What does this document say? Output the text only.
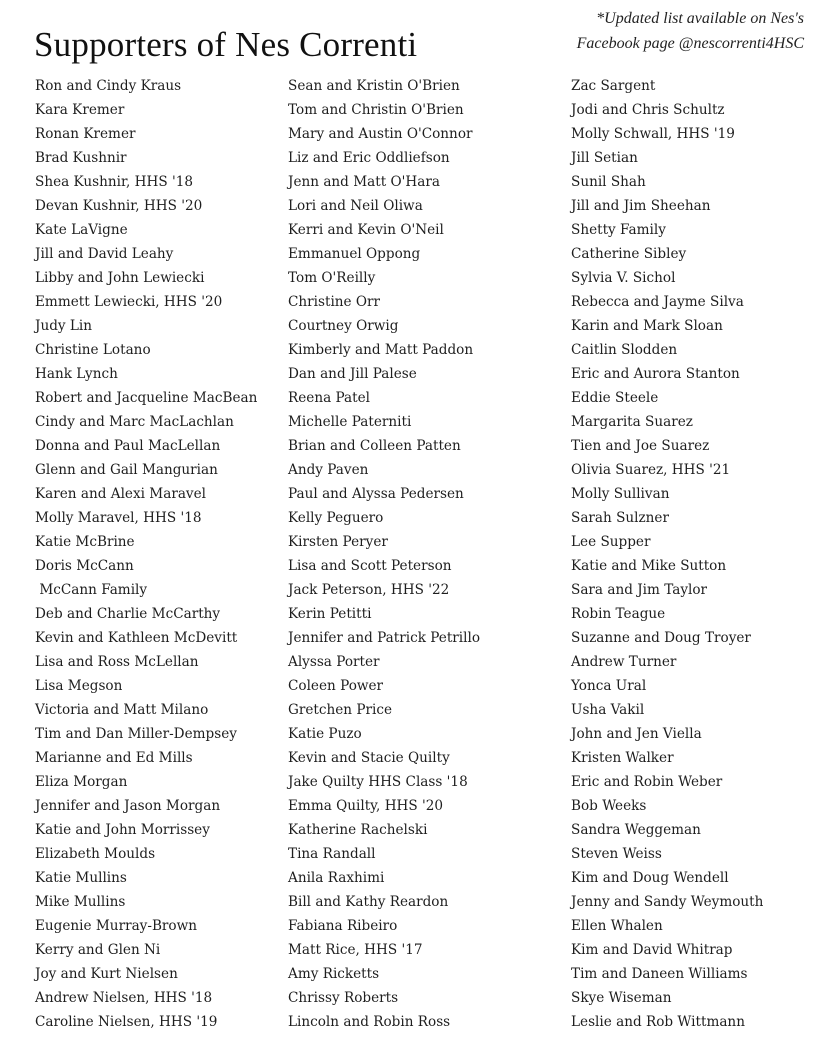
Supporters of Nes Correnti
*Updated list available on Nes's
Facebook page @nescorrenti4HSC
Ron and Cindy Kraus
Kara Kremer
Ronan Kremer
Brad Kushnir
Shea Kushnir, HHS '18
Devan Kushnir, HHS '20
Kate LaVigne
Jill and David Leahy
Libby and John Lewiecki
Emmett Lewiecki, HHS '20
Judy Lin
Christine Lotano
Hank Lynch
Robert and Jacqueline MacBean
Cindy and Marc MacLachlan
Donna and Paul MacLellan
Glenn and Gail Mangurian
Karen and Alexi Maravel
Molly Maravel, HHS '18
Katie McBrine
Doris McCann
McCann Family
Deb and Charlie McCarthy
Kevin and Kathleen McDevitt
Lisa and Ross McLellan
Lisa Megson
Victoria and Matt Milano
Tim and Dan Miller-Dempsey
Marianne and Ed Mills
Eliza Morgan
Jennifer and Jason Morgan
Katie and John Morrissey
Elizabeth Moulds
Katie Mullins
Mike Mullins
Eugenie Murray-Brown
Kerry and Glen Ni
Joy and Kurt Nielsen
Andrew Nielsen, HHS '18
Caroline Nielsen, HHS '19
Sean and Kristin O'Brien
Tom and Christin O'Brien
Mary and Austin O'Connor
Liz and Eric Oddliefson
Jenn and Matt O'Hara
Lori and Neil Oliwa
Kerri and Kevin O'Neil
Emmanuel Oppong
Tom O'Reilly
Christine Orr
Courtney Orwig
Kimberly and Matt Paddon
Dan and Jill Palese
Reena Patel
Michelle Paterniti
Brian and Colleen Patten
Andy Paven
Paul and Alyssa Pedersen
Kelly Peguero
Kirsten Peryer
Lisa and Scott Peterson
Jack Peterson, HHS '22
Kerin Petitti
Jennifer and Patrick Petrillo
Alyssa Porter
Coleen Power
Gretchen Price
Katie Puzo
Kevin and Stacie Quilty
Jake Quilty HHS Class '18
Emma Quilty, HHS '20
Katherine Rachelski
Tina Randall
Anila Raxhimi
Bill and Kathy Reardon
Fabiana Ribeiro
Matt Rice, HHS '17
Amy Ricketts
Chrissy Roberts
Lincoln and Robin Ross
Zac Sargent
Jodi and Chris Schultz
Molly Schwall, HHS '19
Jill Setian
Sunil Shah
Jill and Jim Sheehan
Shetty Family
Catherine Sibley
Sylvia V. Sichol
Rebecca and Jayme Silva
Karin and Mark Sloan
Caitlin Slodden
Eric and Aurora Stanton
Eddie Steele
Margarita Suarez
Tien and Joe Suarez
Olivia Suarez, HHS '21
Molly Sullivan
Sarah Sulzner
Lee Supper
Katie and Mike Sutton
Sara and Jim Taylor
Robin Teague
Suzanne and Doug Troyer
Andrew Turner
Yonca Ural
Usha Vakil
John and Jen Viella
Kristen Walker
Eric and Robin Weber
Bob Weeks
Sandra Weggeman
Steven Weiss
Kim and Doug Wendell
Jenny and Sandy Weymouth
Ellen Whalen
Kim and David Whitrap
Tim and Daneen Williams
Skye Wiseman
Leslie and Rob Wittmann
